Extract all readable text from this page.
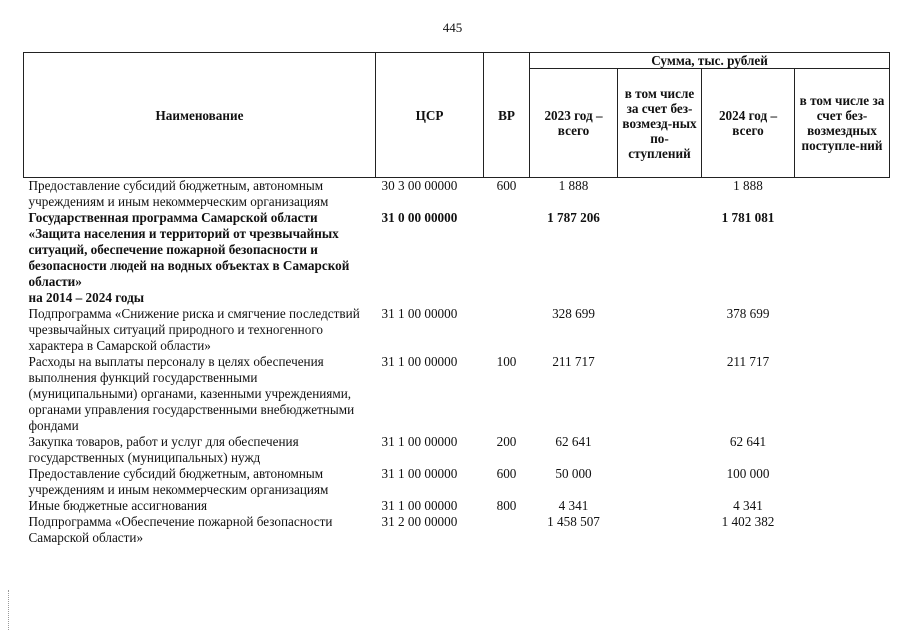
445
Наименование	ЦСР	ВР	Сумма, тыс. рублей			
			2023 год – всего	в том числе за счет без-возмезд-ных по-ступлений	2024 год – всего	в том числе за счет без-возмездных поступле-ний
Предоставление субсидий бюджетным, автономным учреждениям и иным некоммерческим организациям	30 3 00 00000	600	1 888		1 888	
Государственная программа Самарской области «Защита населения и территорий от чрезвычайных ситуаций, обеспечение пожарной безопасности и безопасности людей на водных объектах в Самарской области»
на 2014 – 2024 годы	31 0 00 00000		1 787 206		1 781 081	
Подпрограмма «Снижение риска и смягчение последствий чрезвычайных ситуаций природного и техногенного характера в Самарской области»	31 1 00 00000		328 699		378 699	
Расходы на выплаты персоналу в целях обеспечения выполнения функций государственными (муниципальными) органами, казенными учреждениями, органами управления государственными внебюджетными фондами	31 1 00 00000	100	211 717		211 717	
Закупка товаров, работ и услуг для обеспечения государственных (муниципальных) нужд	31 1 00 00000	200	62 641		62 641	
Предоставление субсидий бюджетным, автономным учреждениям и иным некоммерческим организациям	31 1 00 00000	600	50 000		100 000	
Иные бюджетные ассигнования	31 1 00 00000	800	4 341		4 341	
Подпрограмма «Обеспечение пожарной безопасности Самарской области»	31 2 00 00000		1 458 507		1 402 382	
